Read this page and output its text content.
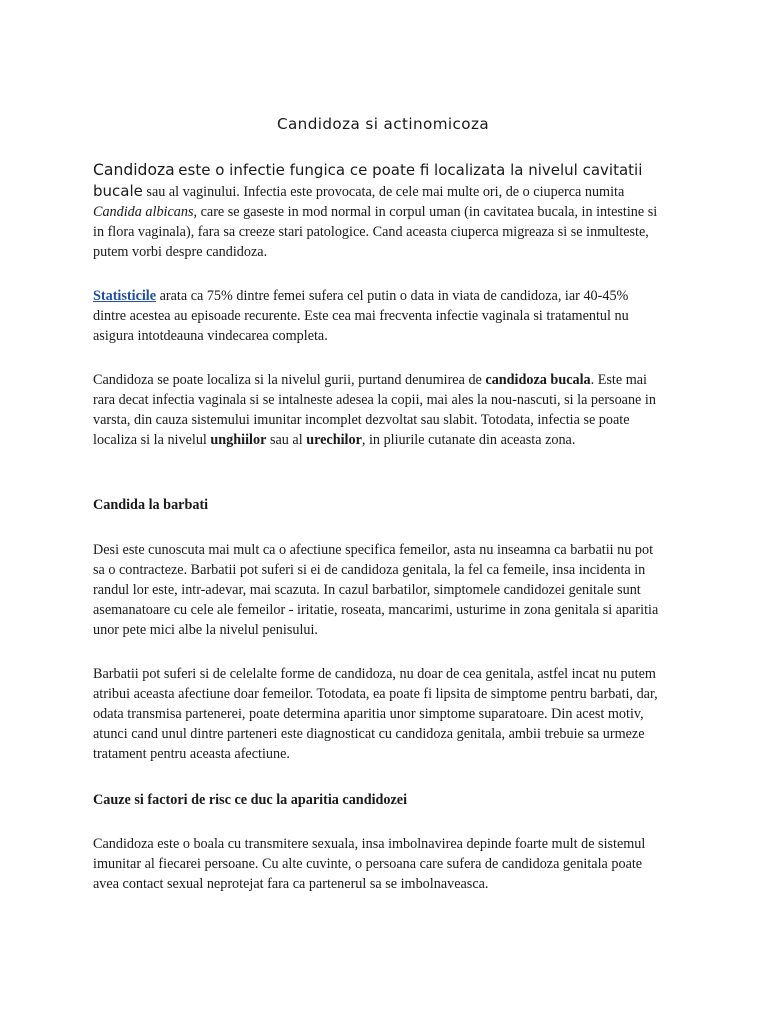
Candidoza si actinomicoza

Candidoza este o infectie fungica ce poate fi localizata la nivelul cavitatii bucale sau al vaginului. Infectia este provocata, de cele mai multe ori, de o ciuperca numita Candida albicans, care se gaseste in mod normal in corpul uman (in cavitatea bucala, in intestine si in flora vaginala), fara sa creeze stari patologice. Cand aceasta ciuperca migreaza si se inmulteste, putem vorbi despre candidoza.

Statisticile arata ca 75% dintre femei sufera cel putin o data in viata de candidoza, iar 40-45% dintre acestea au episoade recurente. Este cea mai frecventa infectie vaginala si tratamentul nu asigura intotdeauna vindecarea completa.

Candidoza se poate localiza si la nivelul gurii, purtand denumirea de candidoza bucala. Este mai rara decat infectia vaginala si se intalneste adesea la copii, mai ales la nou-nascuti, si la persoane in varsta, din cauza sistemului imunitar incomplet dezvoltat sau slabit. Totodata, infectia se poate localiza si la nivelul unghiilor sau al urechilor, in pliurile cutanate din aceasta zona.

Candida la barbati

Desi este cunoscuta mai mult ca o afectiune specifica femeilor, asta nu inseamna ca barbatii nu pot sa o contracteze. Barbatii pot suferi si ei de candidoza genitala, la fel ca femeile, insa incidenta in randul lor este, intr-adevar, mai scazuta. In cazul barbatilor, simptomele candidozei genitale sunt asemanatoare cu cele ale femeilor - iritatie, roseata, mancarimi, usturime in zona genitala si aparitia unor pete mici albe la nivelul penisului.

Barbatii pot suferi si de celelalte forme de candidoza, nu doar de cea genitala, astfel incat nu putem atribui aceasta afectiune doar femeilor. Totodata, ea poate fi lipsita de simptome pentru barbati, dar, odata transmisa partenerei, poate determina aparitia unor simptome suparatoare. Din acest motiv, atunci cand unul dintre parteneri este diagnosticat cu candidoza genitala, ambii trebuie sa urmeze tratament pentru aceasta afectiune.

Cauze si factori de risc ce duc la aparitia candidozei

Candidoza este o boala cu transmitere sexuala, insa imbolnavirea depinde foarte mult de sistemul imunitar al fiecarei persoane. Cu alte cuvinte, o persoana care sufera de candidoza genitala poate avea contact sexual neprotejat fara ca partenerul sa se imbolnaveasca.
